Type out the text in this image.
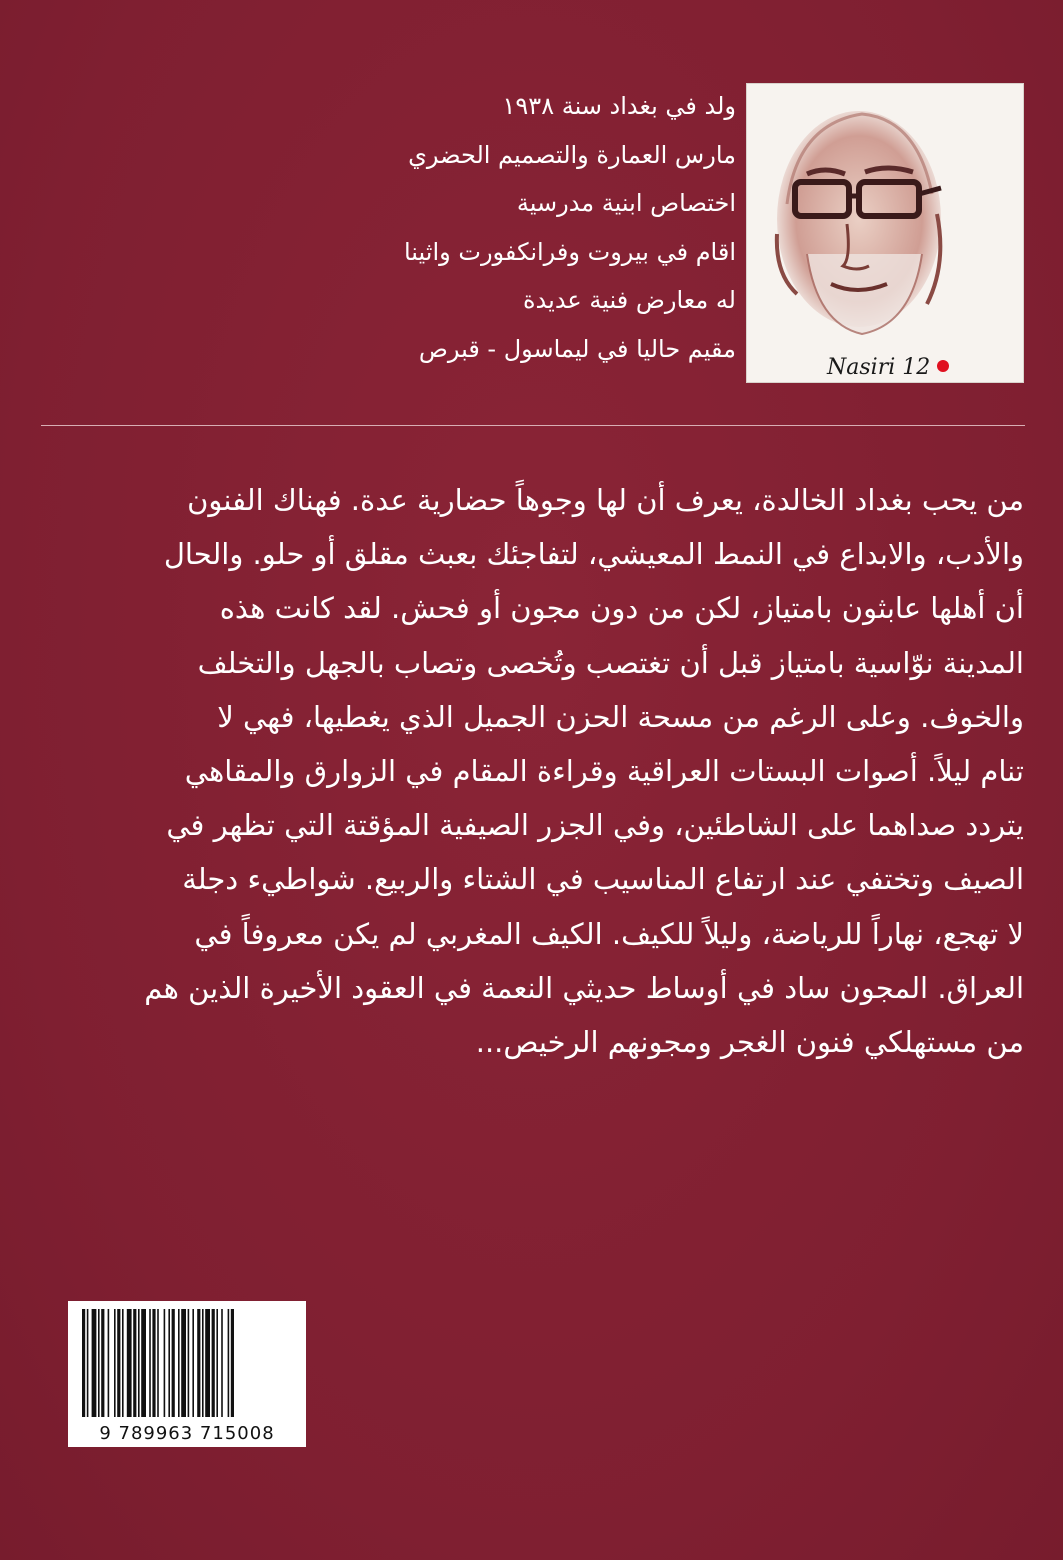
ولد في بغداد سنة ١٩٣٨
مارس العمارة والتصميم الحضري
اختصاص ابنية مدرسية
اقام في بيروت وفرانكفورت واثينا
له معارض فنية عديدة
مقيم حاليا في ليماسول - قبرص
Nasiri 12
من يحب بغداد الخالدة، يعرف أن لها وجوهاً حضارية عدة. فهناك الفنون
والأدب، والابداع في النمط المعيشي، لتفاجئك بعبث مقلق أو حلو. والحال
أن أهلها عابثون بامتياز، لكن من دون مجون أو فحش. لقد كانت هذه
المدينة نوّاسية بامتياز قبل أن تغتصب وتُخصى وتصاب بالجهل والتخلف
والخوف. وعلى الرغم من مسحة الحزن الجميل الذي يغطيها، فهي لا
تنام ليلاً. أصوات البستات العراقية وقراءة المقام في الزوارق والمقاهي
يتردد صداهما على الشاطئين، وفي الجزر الصيفية المؤقتة التي تظهر في
الصيف وتختفي عند ارتفاع المناسيب في الشتاء والربيع. شواطيء دجلة
لا تهجع، نهاراً للرياضة، وليلاً للكيف. الكيف المغربي لم يكن معروفاً في
العراق. المجون ساد في أوساط حديثي النعمة في العقود الأخيرة الذين هم
من مستهلكي فنون الغجر ومجونهم الرخيص...
9 789963 715008
